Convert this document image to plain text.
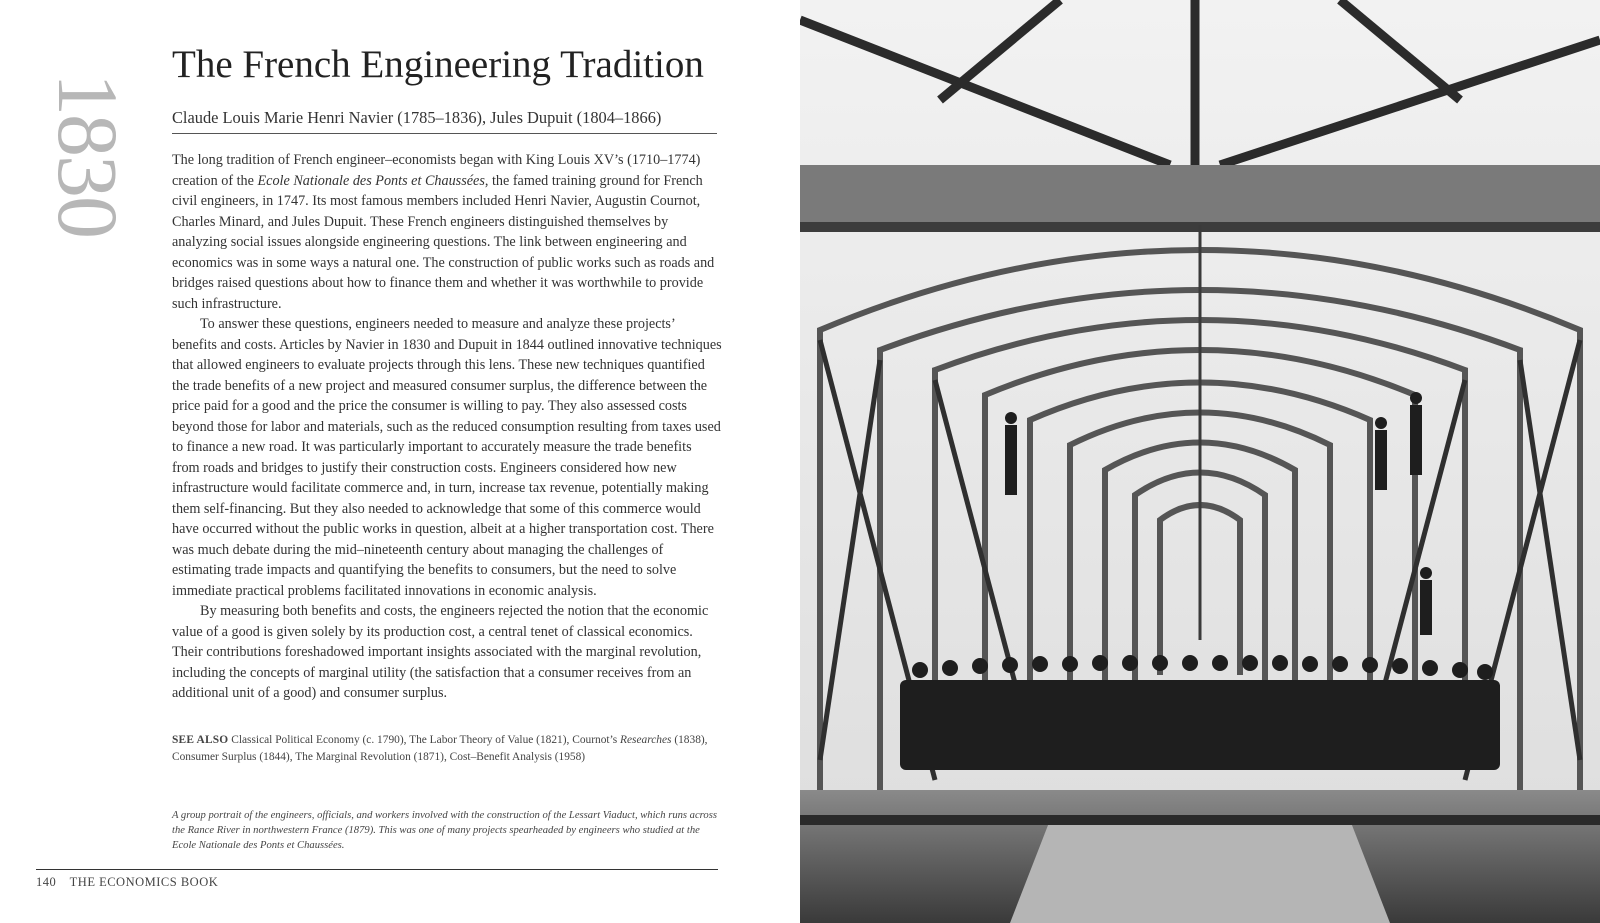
1830
The French Engineering Tradition
Claude Louis Marie Henri Navier (1785–1836), Jules Dupuit (1804–1866)

The long tradition of French engineer–economists began with King Louis XV’s (1710–1774) creation of the Ecole Nationale des Ponts et Chaussées, the famed training ground for French civil engineers, in 1747. Its most famous members included Henri Navier, Augustin Cournot, Charles Minard, and Jules Dupuit. These French engineers distinguished themselves by analyzing social issues alongside engineering questions. The link between engineering and economics was in some ways a natural one. The construction of public works such as roads and bridges raised questions about how to finance them and whether it was worthwhile to provide such infrastructure.

To answer these questions, engineers needed to measure and analyze these projects’ benefits and costs. Articles by Navier in 1830 and Dupuit in 1844 outlined innovative techniques that allowed engineers to evaluate projects through this lens. These new techniques quantified the trade benefits of a new project and measured consumer surplus, the difference between the price paid for a good and the price the consumer is willing to pay. They also assessed costs beyond those for labor and materials, such as the reduced consumption resulting from taxes used to finance a new road. It was particularly important to accurately measure the trade benefits from roads and bridges to justify their construction costs. Engineers considered how new infrastructure would facilitate commerce and, in turn, increase tax revenue, potentially making them self-financing. But they also needed to acknowledge that some of this commerce would have occurred without the public works in question, albeit at a higher transportation cost. There was much debate during the mid–nineteenth century about managing the challenges of estimating trade impacts and quantifying the benefits to consumers, but the need to solve immediate practical problems facilitated innovations in economic analysis.

By measuring both benefits and costs, the engineers rejected the notion that the economic value of a good is given solely by its production cost, a central tenet of classical economics. Their contributions foreshadowed important insights associated with the marginal revolution, including the concepts of marginal utility (the satisfaction that a consumer receives from an additional unit of a good) and consumer surplus.

SEE ALSO Classical Political Economy (c. 1790), The Labor Theory of Value (1821), Cournot’s Researches (1838), Consumer Surplus (1844), The Marginal Revolution (1871), Cost–Benefit Analysis (1958)
A group portrait of the engineers, officials, and workers involved with the construction of the Lessart Viaduct, which runs across the Rance River in northwestern France (1879). This was one of many projects spearheaded by engineers who studied at the Ecole Nationale des Ponts et Chaussées.
140 THE ECONOMICS BOOK
